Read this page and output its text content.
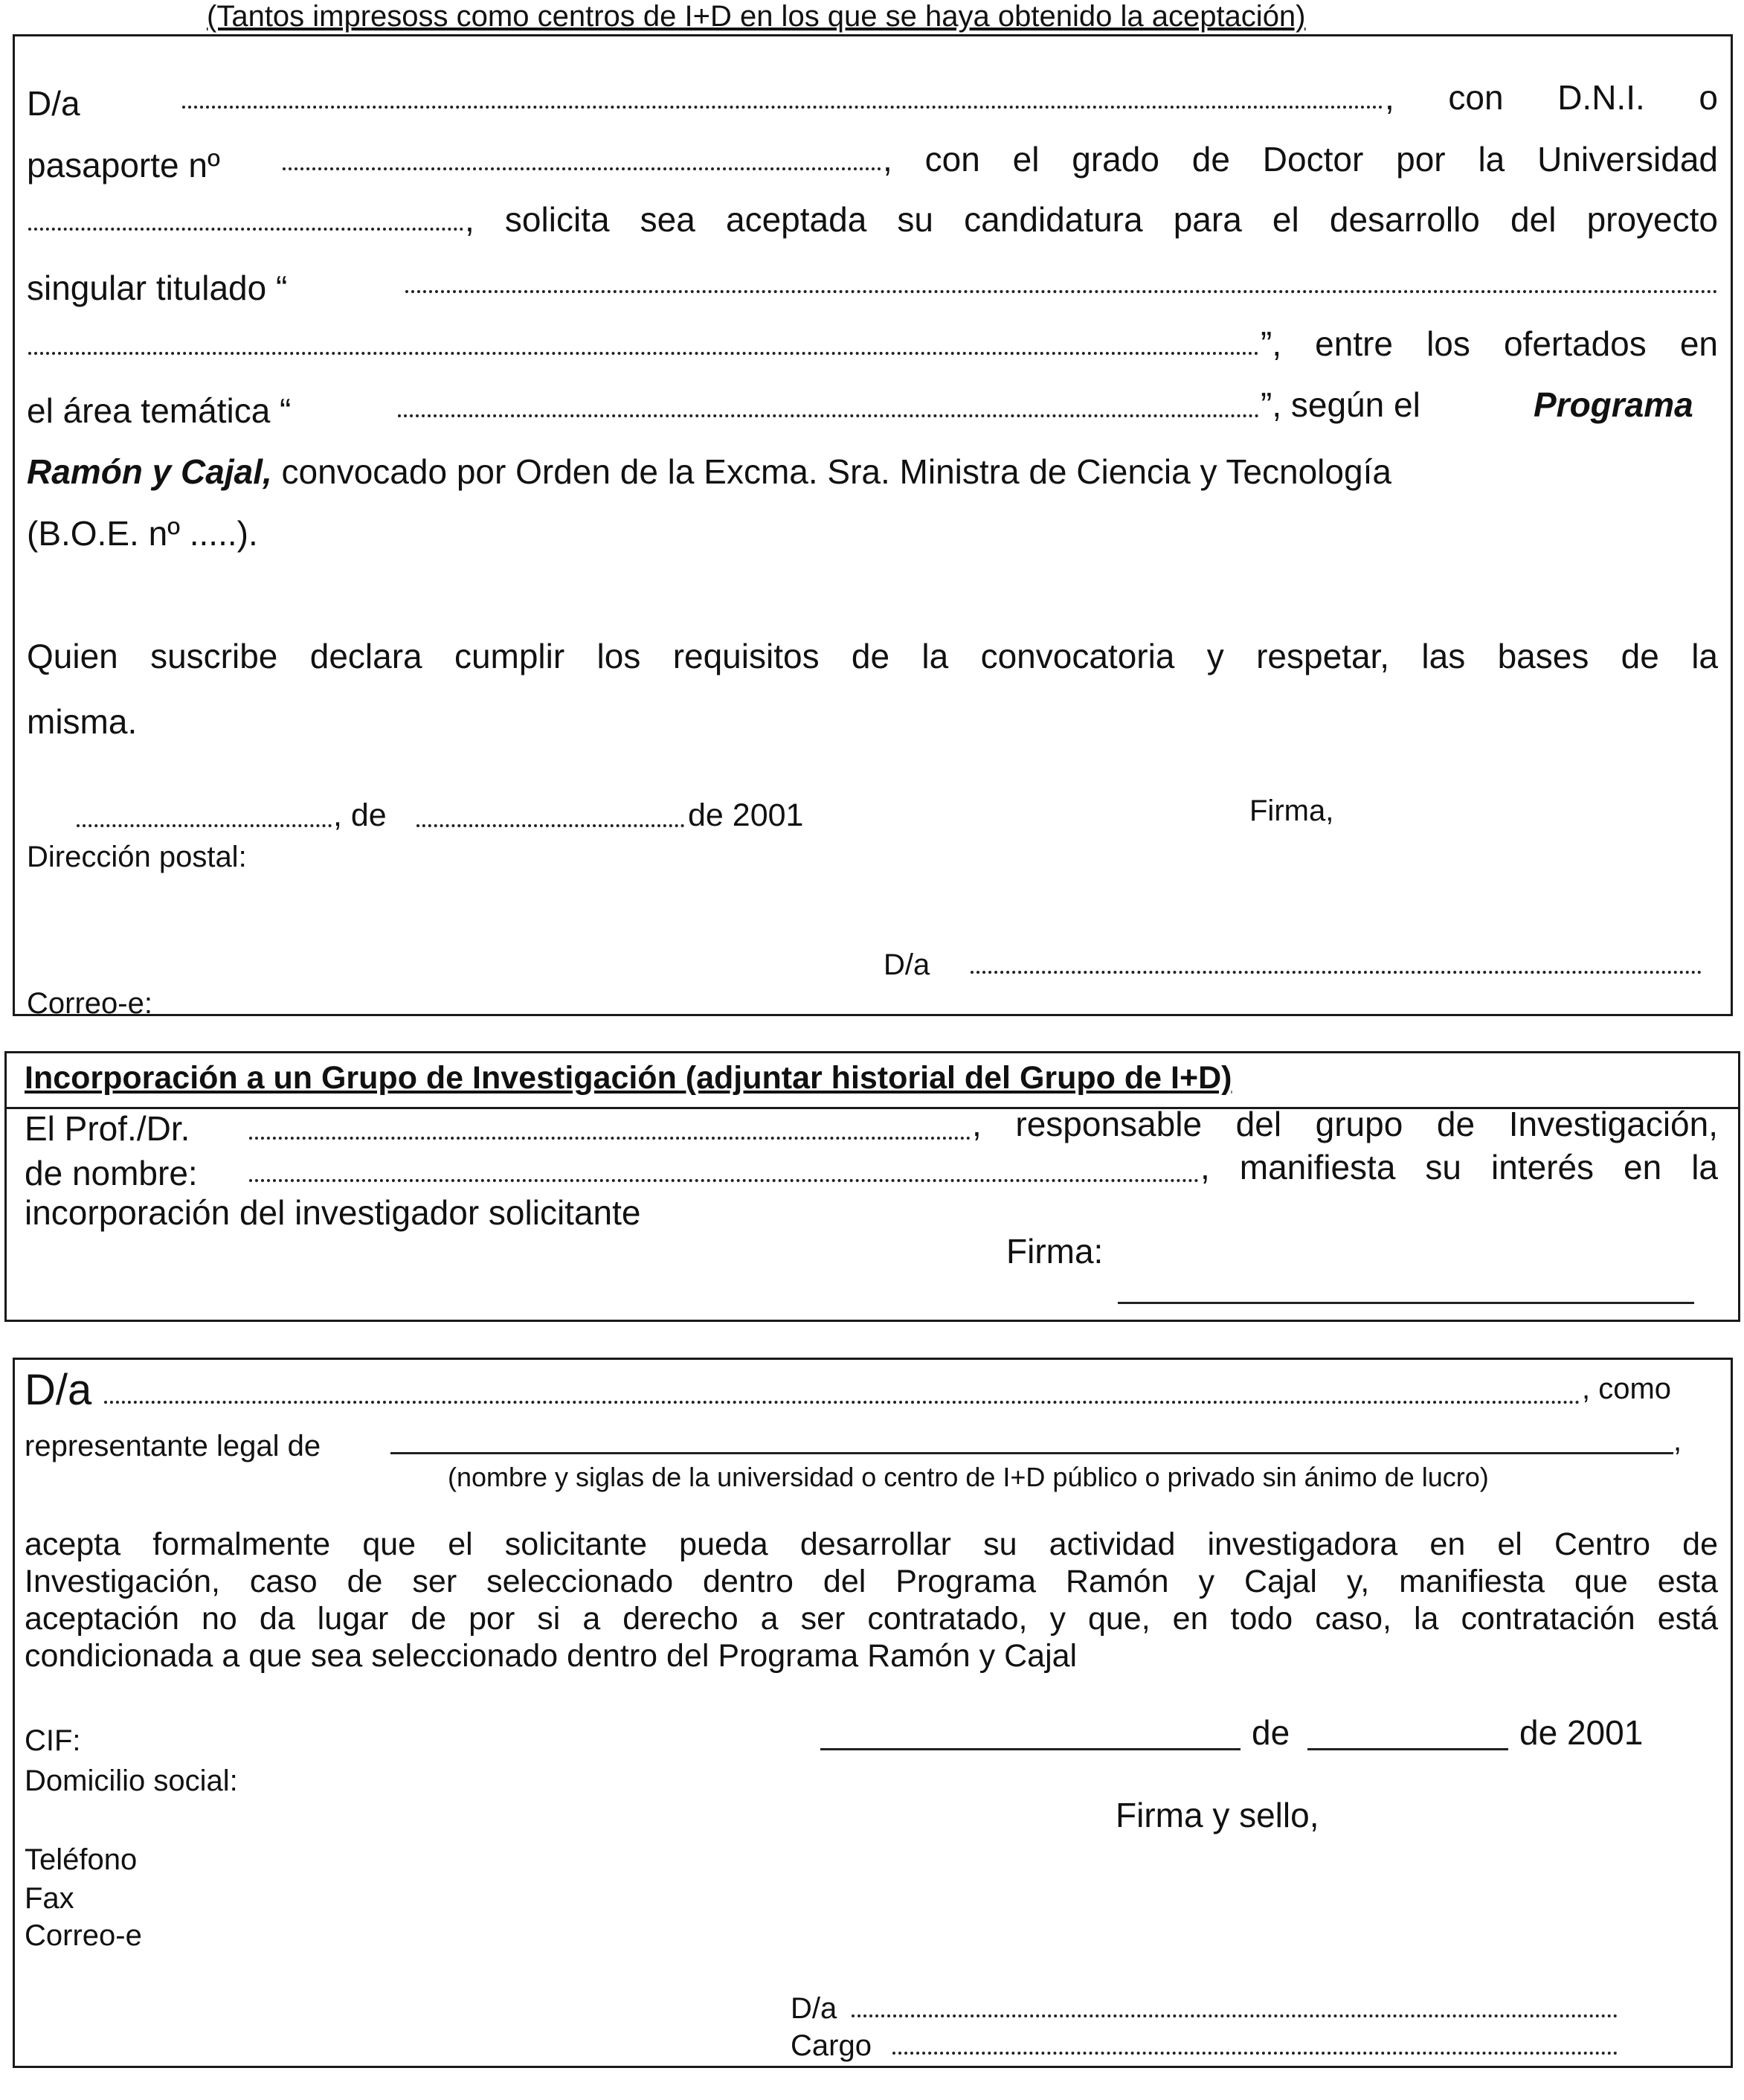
(Tantos impresoss como centros de I+D en los que se haya obtenido la aceptación)
D/a	, con D.N.I. o
pasaporte nº	, con el grado de Doctor por la Universidad
, solicita sea aceptada su candidatura para el desarrollo del proyecto
singular titulado “
”, entre los ofertados en
el área temática “	”, según el	Programa
Ramón y Cajal, convocado por Orden de la Excma. Sra. Ministra de Ciencia y Tecnología
(B.O.E. nº .....).
Quien suscribe declara cumplir los requisitos de la convocatoria y respetar, las bases de la
misma.
, de	de 2001	Firma,
Dirección postal:
D/a
Correo-e:
Incorporación a un Grupo de Investigación (adjuntar historial del Grupo de I+D)
El Prof./Dr.	, responsable del grupo de Investigación,
de nombre:	, manifiesta su interés en la
incorporación del investigador solicitante
Firma:
D/a	, como
representante legal de	,
(nombre y siglas de la universidad o centro de I+D público o privado sin ánimo de lucro)
acepta formalmente que el solicitante pueda desarrollar su actividad investigadora en el Centro de
Investigación, caso de ser seleccionado dentro del Programa Ramón y Cajal y, manifiesta que esta
aceptación no da lugar de por si a derecho a ser contratado, y que, en todo caso, la contratación está
condicionada a que sea seleccionado dentro del Programa Ramón y Cajal
CIF:	de	de 2001
Domicilio social:
Firma y sello,
Teléfono
Fax
Correo-e
D/a
Cargo
